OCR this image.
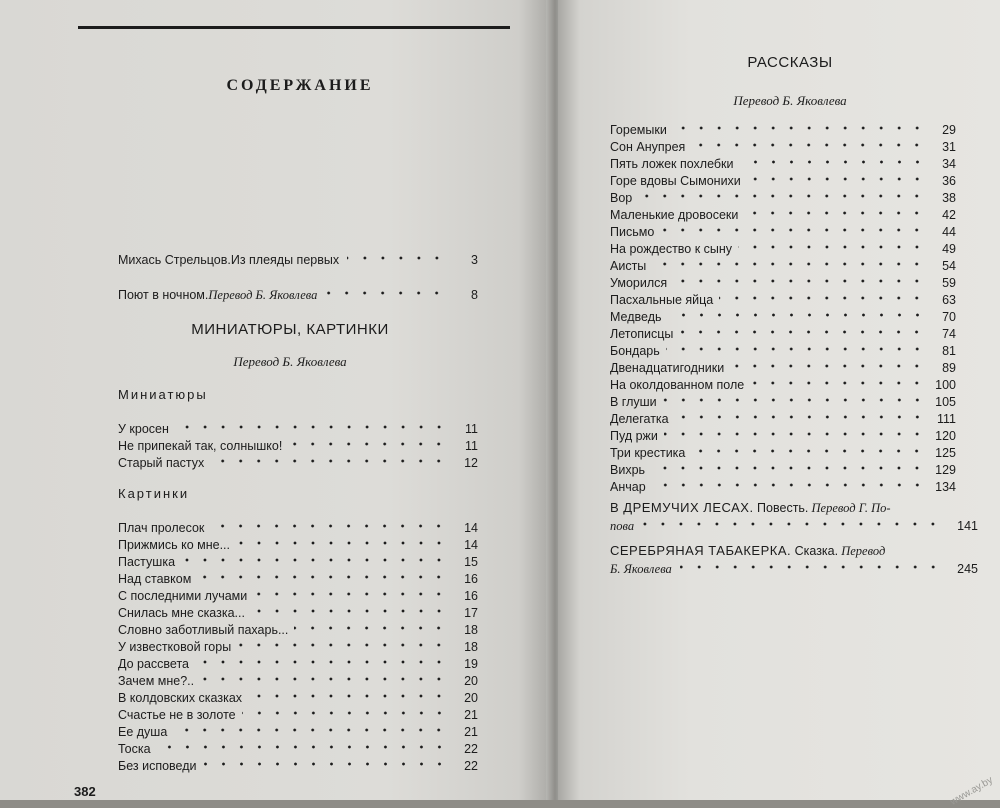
СОДЕРЖАНИЕ
Михась Стрельцов. Из плеяды первых	3
Поют в ночном. Перевод Б. Яковлева	8
МИНИАТЮРЫ, КАРТИНКИ
Перевод Б. Яковлева
Миниатюры
У кросен	11
Не припекай так, солнышко!	11
Старый пастух	12
Картинки
Плач пролесок	14
Прижмись ко мне...	14
Пастушка	15
Над ставком	16
С последними лучами	16
Снилась мне сказка...	17
Словно заботливый пахарь...	18
У известковой горы	18
До рассвета	19
Зачем мне?..	20
В колдовских сказках	20
Счастье не в золоте	21
Ее душа	21
Тоска	22
Без исповеди	22
382
РАССКАЗЫ
Перевод Б. Яковлева
Горемыки	29
Сон Анупрея	31
Пять ложек похлебки	34
Горе вдовы Сымонихи	36
Вор	38
Маленькие дровосеки	42
Письмо	44
На рождество к сыну	49
Аисты	54
Уморился	59
Пасхальные яйца	63
Медведь	70
Летописцы	74
Бондарь	81
Двенадцатигодники	89
На околдованном поле	100
В глуши	105
Делегатка	111
Пуд ржи	120
Три крестика	125
Вихрь	129
Анчар	134
В ДРЕМУЧИХ ЛЕСАХ. Повесть. Перевод Г. По-
пова	141
СЕРЕБРЯНАЯ ТАБАКЕРКА. Сказка. Перевод
Б. Яковлева	245
www.ay.by
